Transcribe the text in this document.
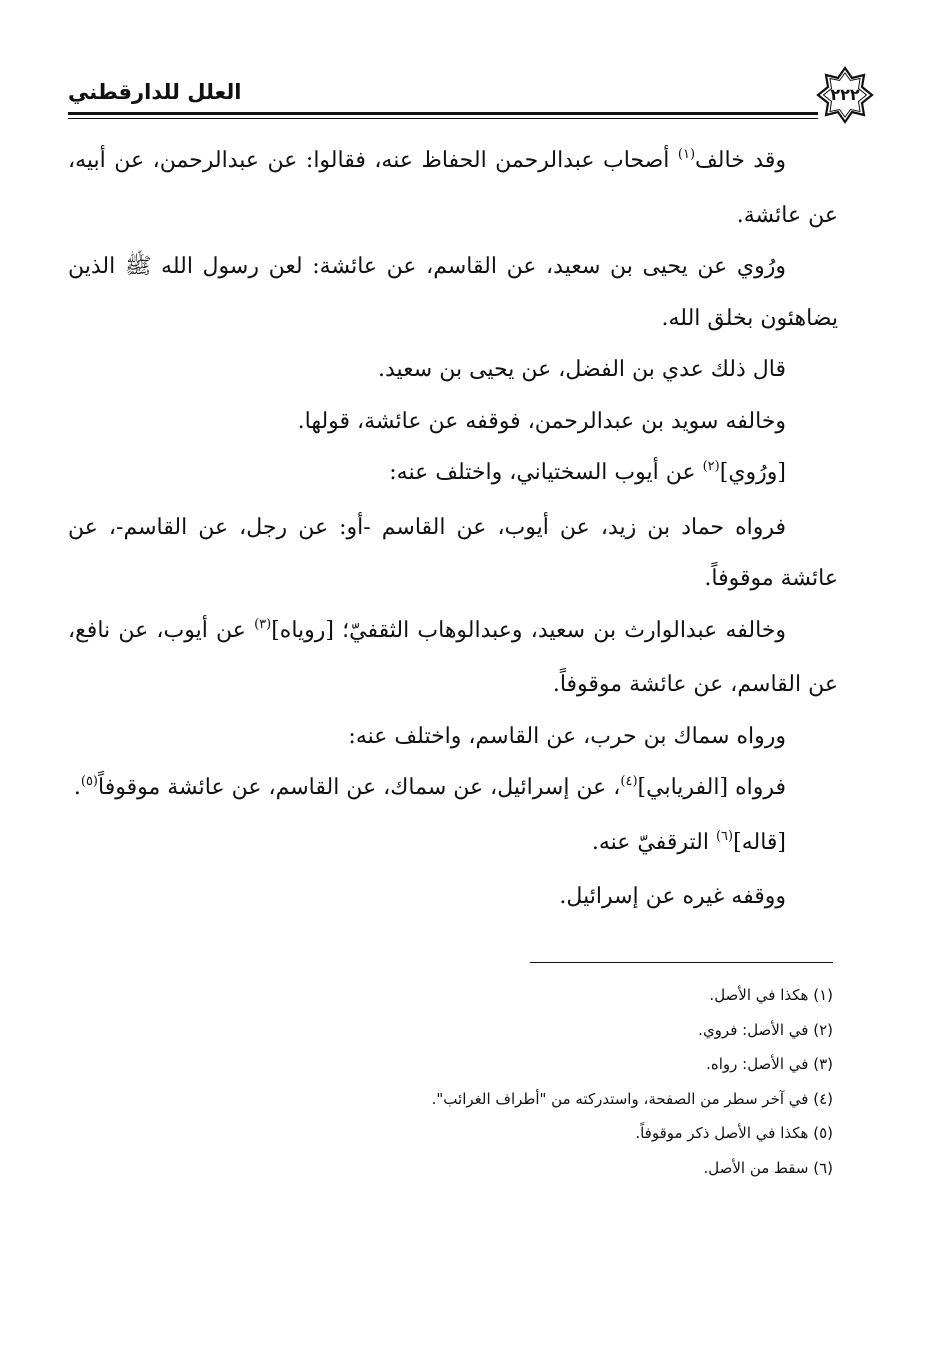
العلل للدارقطني	٢٢٢

وقد خالف$^{(١)}$ أصحاب عبدالرحمن الحفاظ عنه، فقالوا: عن عبدالرحمن، عن أبيه، عن عائشة.

ورُوي عن يحيى بن سعيد، عن القاسم، عن عائشة: لعن رسول الله ﷺ الذين يضاهئون بخلق الله.

قال ذلك عدي بن الفضل، عن يحيى بن سعيد.

وخالفه سويد بن عبدالرحمن، فوقفه عن عائشة، قولها.

[ورُوي]$^{(٢)}$ عن أيوب السختياني، واختلف عنه:

فرواه حماد بن زيد، عن أيوب، عن القاسم -أو: عن رجل، عن القاسم-، عن عائشة موقوفاً.

وخالفه عبدالوارث بن سعيد، وعبدالوهاب الثقفيّ؛ [روياه]$^{(٣)}$ عن أيوب، عن نافع، عن القاسم، عن عائشة موقوفاً.

ورواه سماك بن حرب، عن القاسم، واختلف عنه:

فرواه [الفريابي]$^{(٤)}$، عن إسرائيل، عن سماك، عن القاسم، عن عائشة موقوفاً$^{(٥)}$.

[قاله]$^{(٦)}$ الترقفيّ عنه.

ووقفه غيره عن إسرائيل.

(١) هكذا في الأصل.

(٢) في الأصل: فروي.

(٣) في الأصل: رواه.

(٤) في آخر سطر من الصفحة، واستدركته من "أطراف الغرائب".

(٥) هكذا في الأصل ذكر موقوفاً.

(٦) سقط من الأصل.
